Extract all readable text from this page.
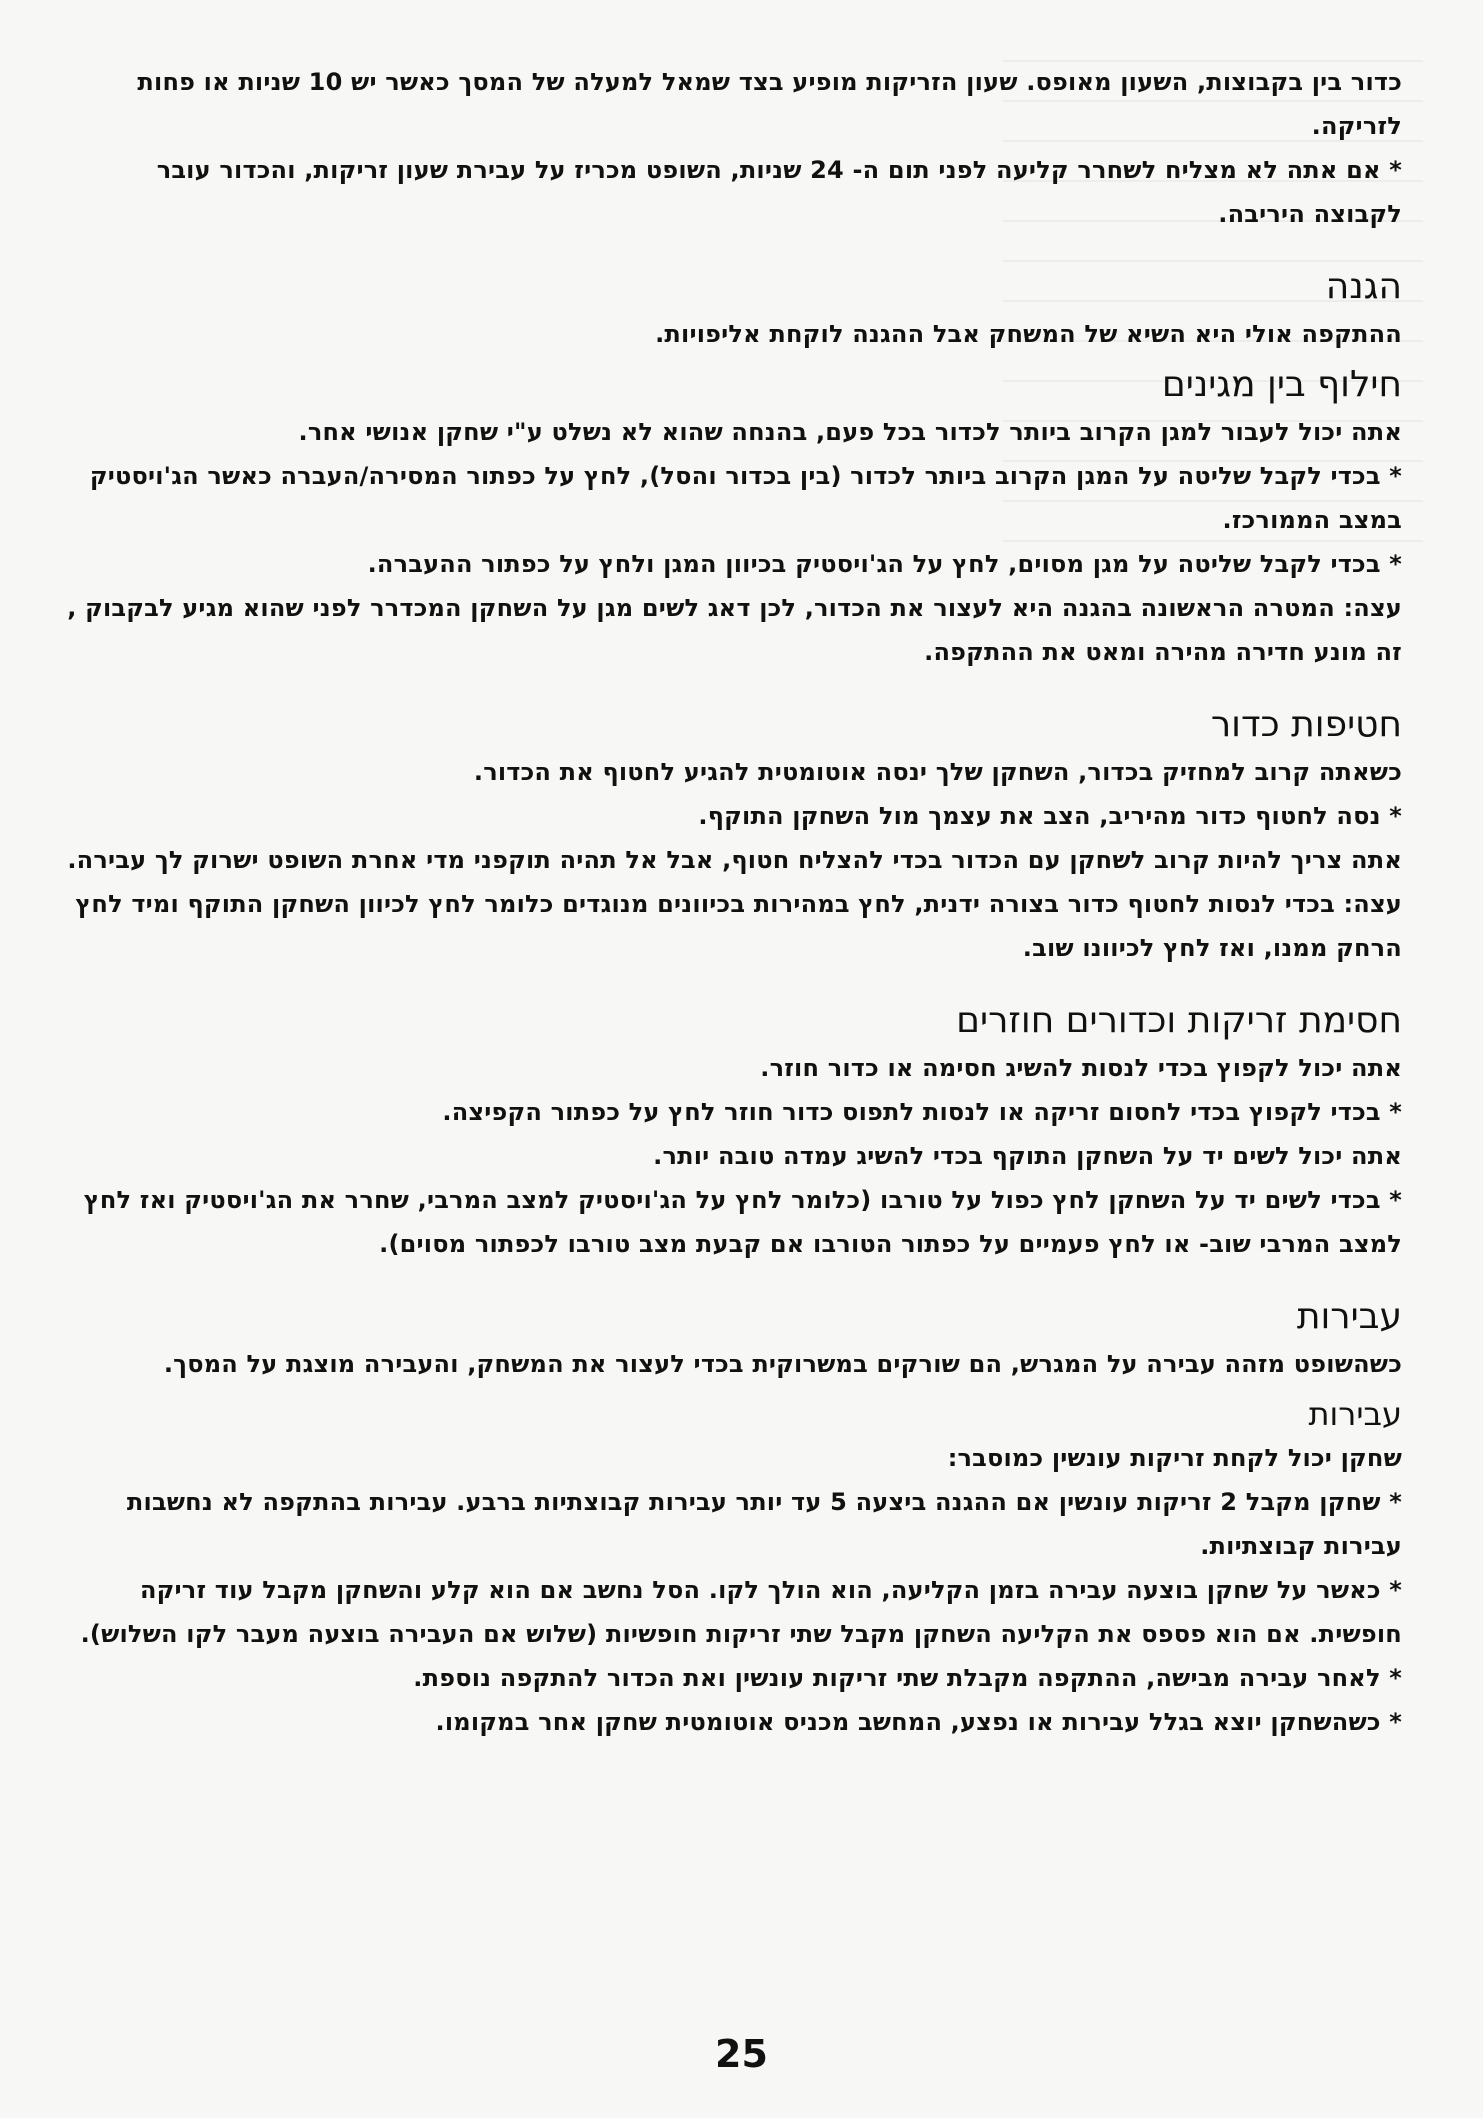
כדור בין בקבוצות, השעון מאופס. שעון הזריקות מופיע בצד שמאל למעלה של המסך כאשר יש 10 שניות או פחות לזריקה.

* אם אתה לא מצליח לשחרר קליעה לפני תום ה- 24 שניות, השופט מכריז על עבירת שעון זריקות, והכדור עובר לקבוצה היריבה.

הגנה

ההתקפה אולי היא השיא של המשחק אבל ההגנה לוקחת אליפויות.

חילוף בין מגינים

אתה יכול לעבור למגן הקרוב ביותר לכדור בכל פעם, בהנחה שהוא לא נשלט ע"י שחקן אנושי אחר.

* בכדי לקבל שליטה על המגן הקרוב ביותר לכדור (בין בכדור והסל), לחץ על כפתור המסירה/העברה כאשר הג'ויסטיק במצב הממורכז.

* בכדי לקבל שליטה על מגן מסוים, לחץ על הג'ויסטיק בכיוון המגן ולחץ על כפתור ההעברה.

עצה: המטרה הראשונה בהגנה היא לעצור את הכדור, לכן דאג לשים מגן על השחקן המכדרר לפני שהוא מגיע לבקבוק , זה מונע חדירה מהירה ומאט את ההתקפה.

חטיפות כדור

כשאתה קרוב למחזיק בכדור, השחקן שלך ינסה אוטומטית להגיע לחטוף את הכדור.

* נסה לחטוף כדור מהיריב, הצב את עצמך מול השחקן התוקף.

אתה צריך להיות קרוב לשחקן עם הכדור בכדי להצליח חטוף, אבל אל תהיה תוקפני מדי אחרת השופט ישרוק לך עבירה.

עצה: בכדי לנסות לחטוף כדור בצורה ידנית, לחץ במהירות בכיוונים מנוגדים כלומר לחץ לכיוון השחקן התוקף ומיד לחץ הרחק ממנו, ואז לחץ לכיוונו שוב.

חסימת זריקות וכדורים חוזרים

אתה יכול לקפוץ בכדי לנסות להשיג חסימה או כדור חוזר.

* בכדי לקפוץ בכדי לחסום זריקה או לנסות לתפוס כדור חוזר לחץ על כפתור הקפיצה.

אתה יכול לשים יד על השחקן התוקף בכדי להשיג עמדה טובה יותר.

* בכדי לשים יד על השחקן לחץ כפול על טורבו (כלומר לחץ על הג'ויסטיק למצב המרבי, שחרר את הג'ויסטיק ואז לחץ למצב המרבי שוב- או לחץ פעמיים על כפתור הטורבו אם קבעת מצב טורבו לכפתור מסוים).

עבירות

כשהשופט מזהה עבירה על המגרש, הם שורקים במשרוקית בכדי לעצור את המשחק, והעבירה מוצגת על המסך.

עבירות

שחקן יכול לקחת זריקות עונשין כמוסבר:

* שחקן מקבל 2 זריקות עונשין אם ההגנה ביצעה 5 עד יותר עבירות קבוצתיות ברבע. עבירות בהתקפה לא נחשבות עבירות קבוצתיות.

* כאשר על שחקן בוצעה עבירה בזמן הקליעה, הוא הולך לקו. הסל נחשב אם הוא קלע והשחקן מקבל עוד זריקה חופשית. אם הוא פספס את הקליעה השחקן מקבל שתי זריקות חופשיות (שלוש אם העבירה בוצעה מעבר לקו השלוש).

* לאחר עבירה מבישה, ההתקפה מקבלת שתי זריקות עונשין ואת הכדור להתקפה נוספת.

* כשהשחקן יוצא בגלל עבירות או נפצע, המחשב מכניס אוטומטית שחקן אחר במקומו.

25
